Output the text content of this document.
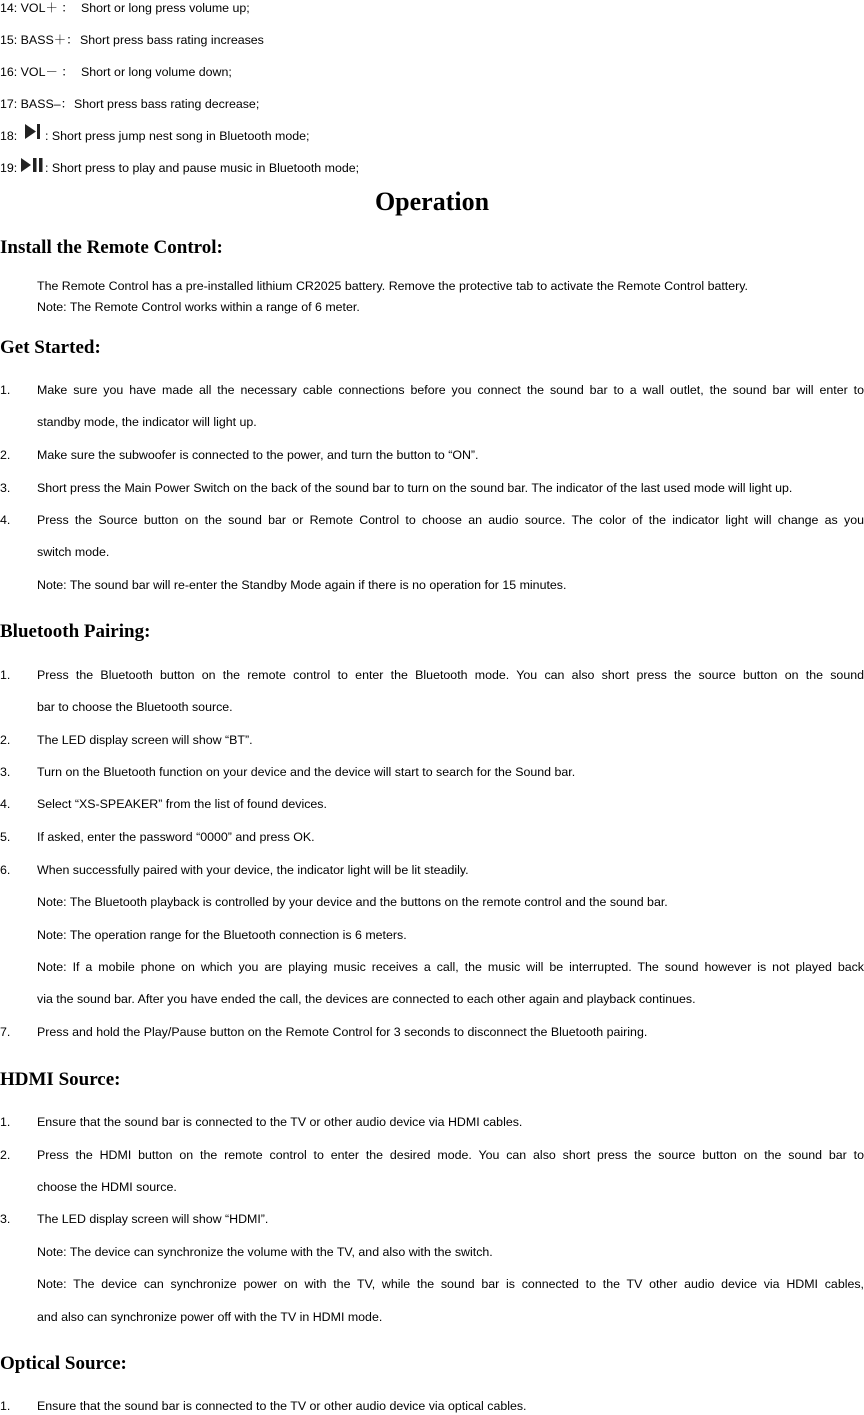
14: VOL＋ ： Short or long press volume up;
15: BASS＋： Short press bass rating increases
16: VOL－ ： Short or long volume down;
17: BASS–： Short press bass rating decrease;
18: : Short press jump nest song in Bluetooth mode;
19: : Short press to play and pause music in Bluetooth mode;
Operation
Install the Remote Control:
The Remote Control has a pre-installed lithium CR2025 battery. Remove the protective tab to activate the Remote Control battery.
Note: The Remote Control works within a range of 6 meter.
Get Started:
1. Make sure you have made all the necessary cable connections before you connect the sound bar to a wall outlet, the sound bar will enter to
standby mode, the indicator will light up.
2. Make sure the subwoofer is connected to the power, and turn the button to “ON”.
3. Short press the Main Power Switch on the back of the sound bar to turn on the sound bar. The indicator of the last used mode will light up.
4. Press the Source button on the sound bar or Remote Control to choose an audio source. The color of the indicator light will change as you
switch mode.
Note: The sound bar will re-enter the Standby Mode again if there is no operation for 15 minutes.
Bluetooth Pairing:
1. Press the Bluetooth button on the remote control to enter the Bluetooth mode. You can also short press the source button on the sound
bar to choose the Bluetooth source.
2. The LED display screen will show “BT”.
3. Turn on the Bluetooth function on your device and the device will start to search for the Sound bar.
4. Select “XS-SPEAKER” from the list of found devices.
5. If asked, enter the password “0000” and press OK.
6. When successfully paired with your device, the indicator light will be lit steadily.
Note: The Bluetooth playback is controlled by your device and the buttons on the remote control and the sound bar.
Note: The operation range for the Bluetooth connection is 6 meters.
Note: If a mobile phone on which you are playing music receives a call, the music will be interrupted. The sound however is not played back
via the sound bar. After you have ended the call, the devices are connected to each other again and playback continues.
7. Press and hold the Play/Pause button on the Remote Control for 3 seconds to disconnect the Bluetooth pairing.
HDMI Source:
1. Ensure that the sound bar is connected to the TV or other audio device via HDMI cables.
2. Press the HDMI button on the remote control to enter the desired mode. You can also short press the source button on the sound bar to
choose the HDMI source.
3. The LED display screen will show “HDMI”.
Note: The device can synchronize the volume with the TV, and also with the switch.
Note: The device can synchronize power on with the TV, while the sound bar is connected to the TV other audio device via HDMI cables,
and also can synchronize power off with the TV in HDMI mode.
Optical Source:
1. Ensure that the sound bar is connected to the TV or other audio device via optical cables.
